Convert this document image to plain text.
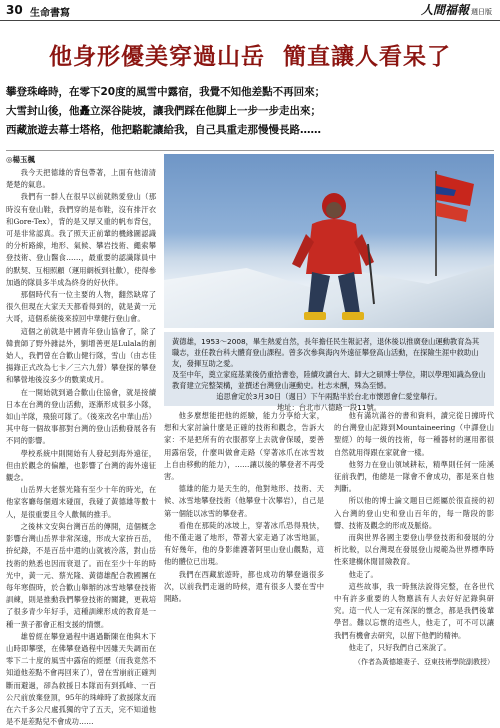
30 生命書寫	人間福報 週日版
他身形優美穿過山岳 簡直讓人看呆了
攀登珠峰時，在零下20度的風雪中露宿，我覺不知他差點不再回來；
大雪封山後，他矗立深谷陡坡，讓我們踩在他脚上一步一步走出來；
西藏旅遊去幕士塔格，他把駱駝讓給我，自己具重走那慢慢長路……
◎楊玉楓

我今天把德雄的背包帶著，上面有他清清楚楚的氣息。

我們有一群人在很早以前就熱愛登山（那時沒有登山鞋，我們穿的是布鞋，沒有排汗衣和Gore-Tex），背的是又厚又重的帆布背包，可是非常認真。我了照天正前輩的機緣圖認識的分析路線，地形、氣候、攀岩技術、繩索攀登技術、登山醫食……，最重要的認識隊員中的默契、互相照顧（運用網板到社歡），使得參加過的隊員多半成為終身的好伙伴。

那個時代有一位主要的人物，翻然缺席了很久但現在大家天天都看得到的，就是黃一元大哥，這個系統後來掠回中華健行登山會。

這個之前就是中國青年登山協會了，除了韓貴師了野外雜誌外，劉增善更是Lulala的創始人，我們曾在合歡山健行隊，雪山（由志佳揚錄正式改為七卡／三六九營）攀登探的攀登和攀營地後沒多少的數業成月。

在一開始就到過合歡山住協會，就是接續日本在台灣的登山活動，逐漸形成很多小隊，如山羊隊，飛狼可隊了。（後來改名中華山岳）其中每一個故事都對台灣的登山活動發展各有不同的影響。

學校系統中則開始有人發起到海外遠征，但由於觀念的偏離，也影響了台灣的海外遠征觀念。

山岳界大老蔡光隆有至少十年的時光，在他家客廳每個週末碰面，我碰了黃德雄等數十人，是很重要且令人歡佩的推手。

之後林文安與台灣百岳的傳開，這個概念影響台灣山岳界非常深遠，形成大家拚百岳，拚紀錄，不是百岳中還的山就被冷落，對山岳技術的熟悉也因而衰退了。而在至少十年的時光中，黃一元、蔡光隆、黃德雄配合教國團在每年寒假時，於合歡山舉辦的冰雪地攀登技術訓練，則是推動我們攀登技術的關鍵，更栽培了很多青少年好手，這種訓練形成的教育是一種一蜚子都會正相支援的情懷。

雄曾經在攀登過程中遇過斷陳在他與木下山時即攀墜，在佛攀登過程中因雖天失調而在零下二十度的風雪中露宿的經歷（而我竟然不知道他差點不會再回來了），曾在雪崩前正確判斷而避過，卻為救援日本隊而有到孤峰、一百公尺前放棄登頂，95年的珠峰時了救援隊友而在六千多公尺處孤獨的守了五天，完不知道他是不是差點兒不會成功……

黃德雄，1953～2008，畢生熱愛自然，長年擔任民生報記者，退休後以推廣登山運動教育為其職志，並任教台科大體育登山課程。曾多次參與海內外遠征攀登高山活動，在探險生涯中救助山友，發揮互助之愛。
及至中年，奠立家庭基業後仍重拾書卷，陸續攻讀台大、師大之碩博士學位，期以學理知識為登山教育建立完整架構，並撰述台灣登山運動史。杜志未酬，殊為至憾。
追思會定於3月30日（週日）下午兩點半於台北市懷恩會仁愛堂舉行。
地址：台北市八德路一段11號。

他多麼想能把他的經驗，能力分享給大家，想和大家討論什麼是正確的技術和觀念，告訴大家：不是把所有的衣服都穿上去就會保暖，要善用露宿袋，什麼叫做會走路（穿著冰爪在冰雪坡上自由移動的能力），……讓以後的攀登者不再受害。

德雄的能力是天生的，他對地形、技術、天候、冰雪地攀登技術（他攀登十次攀岩），自己是第一個能以冰雪的攀登者。

看他在那陡的冰坡上，穿著冰爪恐得飛快，他不僅走過了地形，帶著大家走過了冰雪地區，有好幾年，他的身影維護著阿里山登山觀點，這他的體位已出現。

我們在西藏旅遊時，都也成功的攀登過很多次，以前我們走過的時候，還有很多人要在雪中開路。

他有滿坑滿谷的書和資料，讀完從日據時代的台灣登山記錄到Mountaineering（中譯登山聖經）的每一級的技術，每一種器材的運用都很自然就用得跟在家就會一樣。

他努力在登山領域耕耘，精準則任何一陸溪征前我們，他總是一隊會不會成功，都是來自他判斷。

所以他的博士論文題目已經屬於很直接的初入台灣的登山史和登山百年的，每一階段的影響、技術及觀念的形成及脈絡。

而與世界各國主要登山學登技術和發展的分析比較，以台灣現在發展登山規範為世界標準時性來建構休閒冒險教育。

他走了。

這些故事，我一時無法說得完整，在各世代中有許多重要的人物應該有人去好好記錄與研究。這一代人一定有深深的懷念，都是我們後輩學習。難以忘懷的這些人，他走了，可不可以讓我們有機會去研究，以留下他們的精神。

他走了，只好我們自己來說了。

（作者為黃德雄妻子、亞東技術學院副教授）
